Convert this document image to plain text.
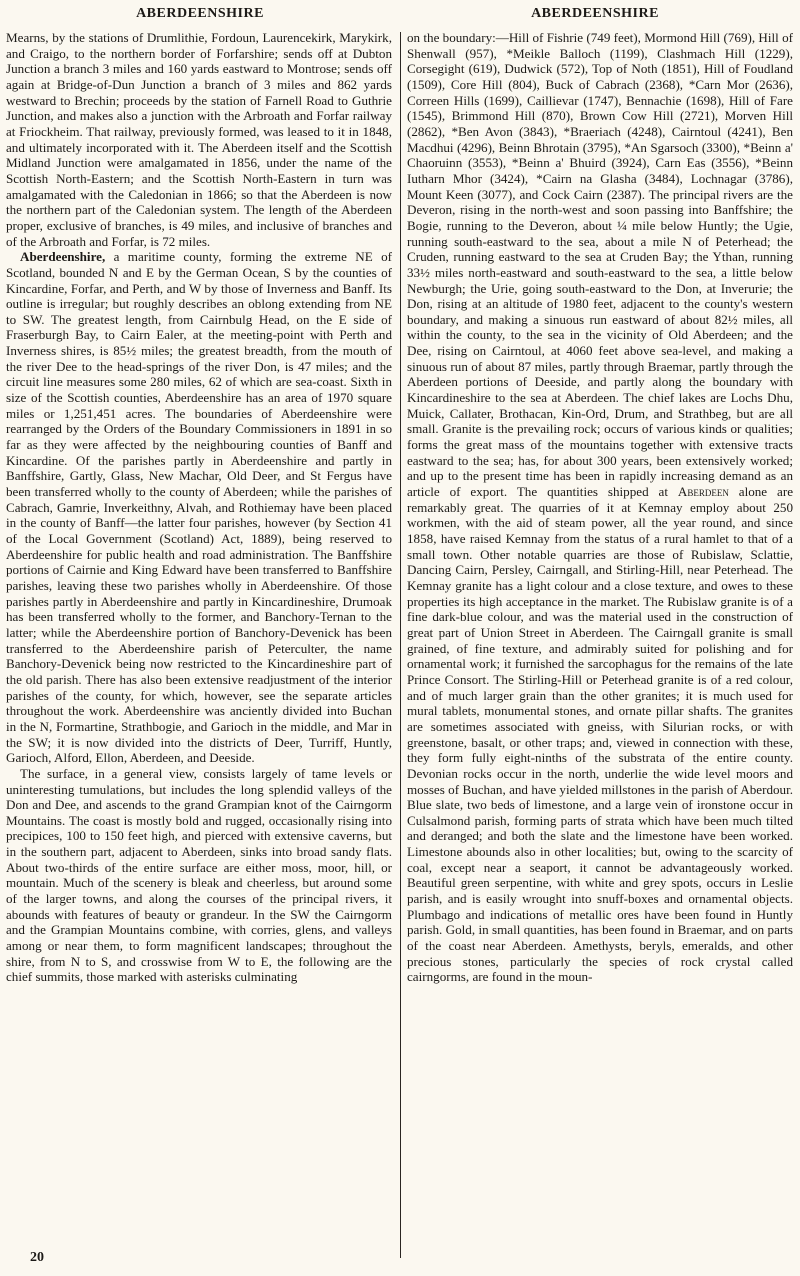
ABERDEENSHIRE	ABERDEENSHIRE

Mearns, by the stations of Drumlithie, Fordoun, Laurencekirk, Marykirk, and Craigo, to the northern border of Forfarshire; sends off at Dubton Junction a branch 3 miles and 160 yards eastward to Montrose; sends off again at Bridge-of-Dun Junction a branch of 3 miles and 862 yards westward to Brechin; proceeds by the station of Farnell Road to Guthrie Junction, and makes also a junction with the Arbroath and Forfar railway at Friockheim. That railway, previously formed, was leased to it in 1848, and ultimately incorporated with it. The Aberdeen itself and the Scottish Midland Junction were amalgamated in 1856, under the name of the Scottish North-Eastern; and the Scottish North-Eastern in turn was amalgamated with the Caledonian in 1866; so that the Aberdeen is now the northern part of the Caledonian system. The length of the Aberdeen proper, exclusive of branches, is 49 miles, and inclusive of branches and of the Arbroath and Forfar, is 72 miles.

Aberdeenshire, a maritime county, forming the extreme NE of Scotland, bounded N and E by the German Ocean, S by the counties of Kincardine, Forfar, and Perth, and W by those of Inverness and Banff. Its outline is irregular; but roughly describes an oblong extending from NE to SW. The greatest length, from Cairnbulg Head, on the E side of Fraserburgh Bay, to Cairn Ealer, at the meeting-point with Perth and Inverness shires, is 85½ miles; the greatest breadth, from the mouth of the river Dee to the head-springs of the river Don, is 47 miles; and the circuit line measures some 280 miles, 62 of which are sea-coast. Sixth in size of the Scottish counties, Aberdeenshire has an area of 1970 square miles or 1,251,451 acres. The boundaries of Aberdeenshire were rearranged by the Orders of the Boundary Commissioners in 1891 in so far as they were affected by the neighbouring counties of Banff and Kincardine. Of the parishes partly in Aberdeenshire and partly in Banffshire, Gartly, Glass, New Machar, Old Deer, and St Fergus have been transferred wholly to the county of Aberdeen; while the parishes of Cabrach, Gamrie, Inverkeithny, Alvah, and Rothiemay have been placed in the county of Banff—the latter four parishes, however (by Section 41 of the Local Government (Scotland) Act, 1889), being reserved to Aberdeenshire for public health and road administration. The Banffshire portions of Cairnie and King Edward have been transferred to Banffshire parishes, leaving these two parishes wholly in Aberdeenshire. Of those parishes partly in Aberdeenshire and partly in Kincardineshire, Drumoak has been transferred wholly to the former, and Banchory-Ternan to the latter; while the Aberdeenshire portion of Banchory-Devenick has been transferred to the Aberdeenshire parish of Peterculter, the name Banchory-Devenick being now restricted to the Kincardineshire part of the old parish. There has also been extensive readjustment of the interior parishes of the county, for which, however, see the separate articles throughout the work. Aberdeenshire was anciently divided into Buchan in the N, Formartine, Strathbogie, and Garioch in the middle, and Mar in the SW; it is now divided into the districts of Deer, Turriff, Huntly, Garioch, Alford, Ellon, Aberdeen, and Deeside.

The surface, in a general view, consists largely of tame levels or uninteresting tumulations, but includes the long splendid valleys of the Don and Dee, and ascends to the grand Grampian knot of the Cairngorm Mountains. The coast is mostly bold and rugged, occasionally rising into precipices, 100 to 150 feet high, and pierced with extensive caverns, but in the southern part, adjacent to Aberdeen, sinks into broad sandy flats. About two-thirds of the entire surface are either moss, moor, hill, or mountain. Much of the scenery is bleak and cheerless, but around some of the larger towns, and along the courses of the principal rivers, it abounds with features of beauty or grandeur. In the SW the Cairngorm and the Grampian Mountains combine, with corries, glens, and valleys among or near them, to form magnificent landscapes; throughout the shire, from N to S, and crosswise from W to E, the following are the chief summits, those marked with asterisks culminating

on the boundary:—Hill of Fishrie (749 feet), Mormond Hill (769), Hill of Shenwall (957), *Meikle Balloch (1199), Clashmach Hill (1229), Corsegight (619), Dudwick (572), Top of Noth (1851), Hill of Foudland (1509), Core Hill (804), Buck of Cabrach (2368), *Carn Mor (2636), Correen Hills (1699), Caillievar (1747), Bennachie (1698), Hill of Fare (1545), Brimmond Hill (870), Brown Cow Hill (2721), Morven Hill (2862), *Ben Avon (3843), *Braeriach (4248), Cairntoul (4241), Ben Macdhui (4296), Beinn Bhrotain (3795), *An Sgarsoch (3300), *Beinn a' Chaoruinn (3553), *Beinn a' Bhuird (3924), Carn Eas (3556), *Beinn Iutharn Mhor (3424), *Cairn na Glasha (3484), Lochnagar (3786), Mount Keen (3077), and Cock Cairn (2387). The principal rivers are the Deveron, rising in the north-west and soon passing into Banffshire; the Bogie, running to the Deveron, about ¼ mile below Huntly; the Ugie, running south-eastward to the sea, about a mile N of Peterhead; the Cruden, running eastward to the sea at Cruden Bay; the Ythan, running 33½ miles north-eastward and south-eastward to the sea, a little below Newburgh; the Urie, going south-eastward to the Don, at Inverurie; the Don, rising at an altitude of 1980 feet, adjacent to the county's western boundary, and making a sinuous run eastward of about 82½ miles, all within the county, to the sea in the vicinity of Old Aberdeen; and the Dee, rising on Cairntoul, at 4060 feet above sea-level, and making a sinuous run of about 87 miles, partly through Braemar, partly through the Aberdeen portions of Deeside, and partly along the boundary with Kincardineshire to the sea at Aberdeen. The chief lakes are Lochs Dhu, Muick, Callater, Brothacan, Kin-Ord, Drum, and Strathbeg, but are all small. Granite is the prevailing rock; occurs of various kinds or qualities; forms the great mass of the mountains together with extensive tracts eastward to the sea; has, for about 300 years, been extensively worked; and up to the present time has been in rapidly increasing demand as an article of export. The quantities shipped at Aberdeen alone are remarkably great. The quarries of it at Kemnay employ about 250 workmen, with the aid of steam power, all the year round, and since 1858, have raised Kemnay from the status of a rural hamlet to that of a small town. Other notable quarries are those of Rubislaw, Sclattie, Dancing Cairn, Persley, Cairngall, and Stirling-Hill, near Peterhead. The Kemnay granite has a light colour and a close texture, and owes to these properties its high acceptance in the market. The Rubislaw granite is of a fine dark-blue colour, and was the material used in the construction of great part of Union Street in Aberdeen. The Cairngall granite is small grained, of fine texture, and admirably suited for polishing and for ornamental work; it furnished the sarcophagus for the remains of the late Prince Consort. The Stirling-Hill or Peterhead granite is of a red colour, and of much larger grain than the other granites; it is much used for mural tablets, monumental stones, and ornate pillar shafts. The granites are sometimes associated with gneiss, with Silurian rocks, or with greenstone, basalt, or other traps; and, viewed in connection with these, they form fully eight-ninths of the substrata of the entire county. Devonian rocks occur in the north, underlie the wide level moors and mosses of Buchan, and have yielded millstones in the parish of Aberdour. Blue slate, two beds of limestone, and a large vein of ironstone occur in Culsalmond parish, forming parts of strata which have been much tilted and deranged; and both the slate and the limestone have been worked. Limestone abounds also in other localities; but, owing to the scarcity of coal, except near a seaport, it cannot be advantageously worked. Beautiful green serpentine, with white and grey spots, occurs in Leslie parish, and is easily wrought into snuff-boxes and ornamental objects. Plumbago and indications of metallic ores have been found in Huntly parish. Gold, in small quantities, has been found in Braemar, and on parts of the coast near Aberdeen. Amethysts, beryls, emeralds, and other precious stones, particularly the species of rock crystal called cairngorms, are found in the moun-

20
